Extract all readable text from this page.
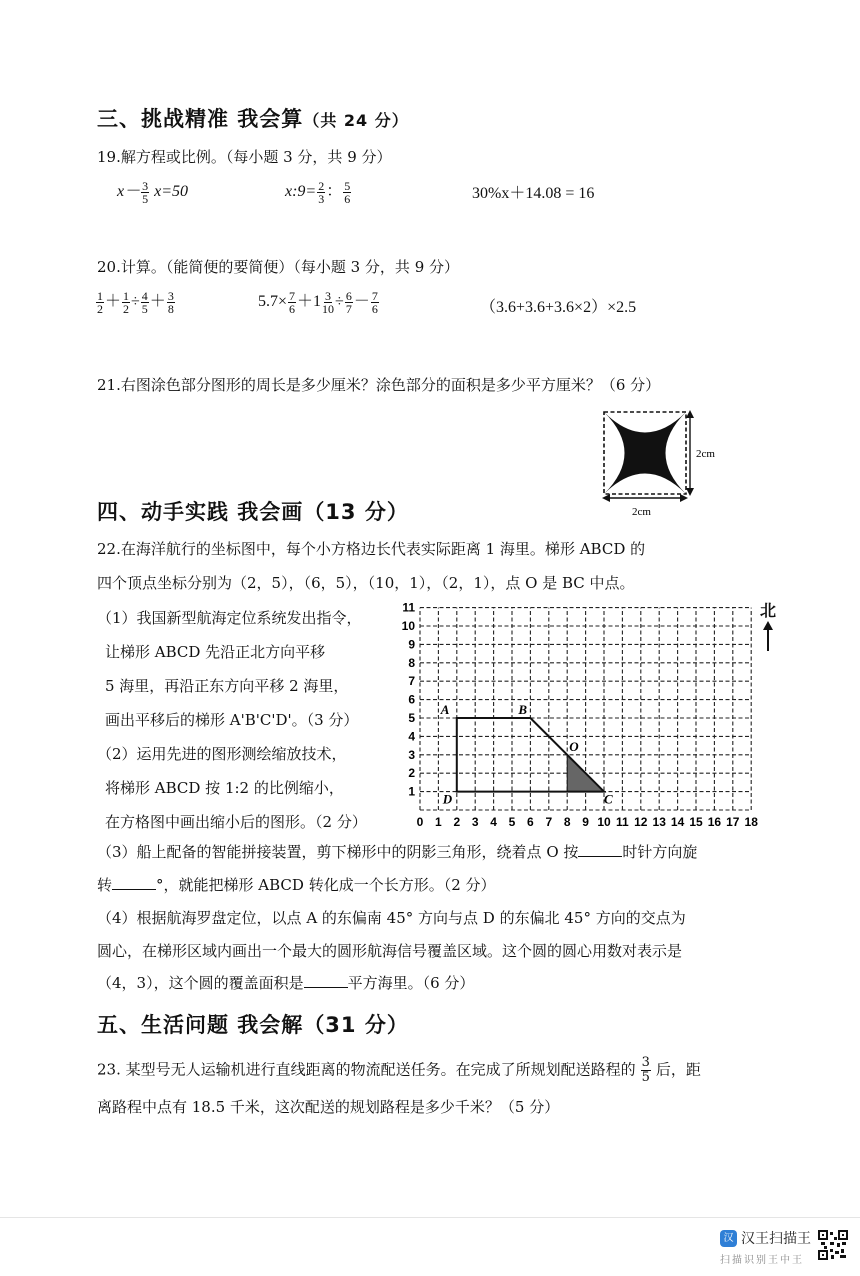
三、挑战精准 我会算（共 24 分）
19.解方程或比例。（每小题 3 分，共 9 分）
$x- \frac{3}{5} x=50$	x:9= $\frac{2}{3}$ ： $\frac{5}{6}$	30%x＋14.08 = 16
20.计算。（能简便的要简便）（每小题 3 分，共 9 分）
$\frac{1}{2} + \frac{1}{2} \div \frac{4}{5} + \frac{3}{8}$	$5.7\times \frac{7}{6} +1 \frac{3}{10} \div \frac{6}{7} - \frac{7}{6}$	（3.6+3.6+3.6×2）×2.5
21.右图涂色部分图形的周长是多少厘米？涂色部分的面积是多少平方厘米？（6 分）
2cm
2cm
四、动手实践 我会画（13 分）
22.在海洋航行的坐标图中，每个小方格边长代表实际距离 1 海里。梯形 ABCD 的
四个顶点坐标分别为（2，5），（6，5），（10，1），（2，1），点 O 是 BC 中点。
（1）我国新型航海定位系统发出指令，
让梯形 ABCD 先沿正北方向平移
5 海里，再沿正东方向平移 2 海里，
画出平移后的梯形 A'B'C'D'。（3 分）
（2）运用先进的图形测绘缩放技术，
将梯形 ABCD 按 1:2 的比例缩小，
在方格图中画出缩小后的图形。（2 分）	0 1 2 3 4 5 6 7 8 9 10 11 12 13 14 15 16 17 18
1
2
3
4
5
6
7
8
9
10
11
A	B
C
D
O
北
（3）船上配备的智能拼接装置，剪下梯形中的阴影三角形，绕着点 O 按	时针方向旋
转	°，就能把梯形 ABCD 转化成一个长方形。（2 分）
（4）根据航海罗盘定位，以点 A 的东偏南 45° 方向与点 D 的东偏北 45° 方向的交点为
圆心，在梯形区域内画出一个最大的圆形航海信号覆盖区域。这个圆的圆心用数对表示是
（4，3），这个圆的覆盖面积是	平方海里。（6 分）
五、生活问题 我会解（31 分）
23. 某型号无人运输机进行直线距离的物流配送任务。在完成了所规划配送路程的 $\frac{3}{5}$ 后，距
离路程中点有 18.5 千米，这次配送的规划路程是多少千米？（5 分）
汉 汉王扫描王
扫描识别王中王
